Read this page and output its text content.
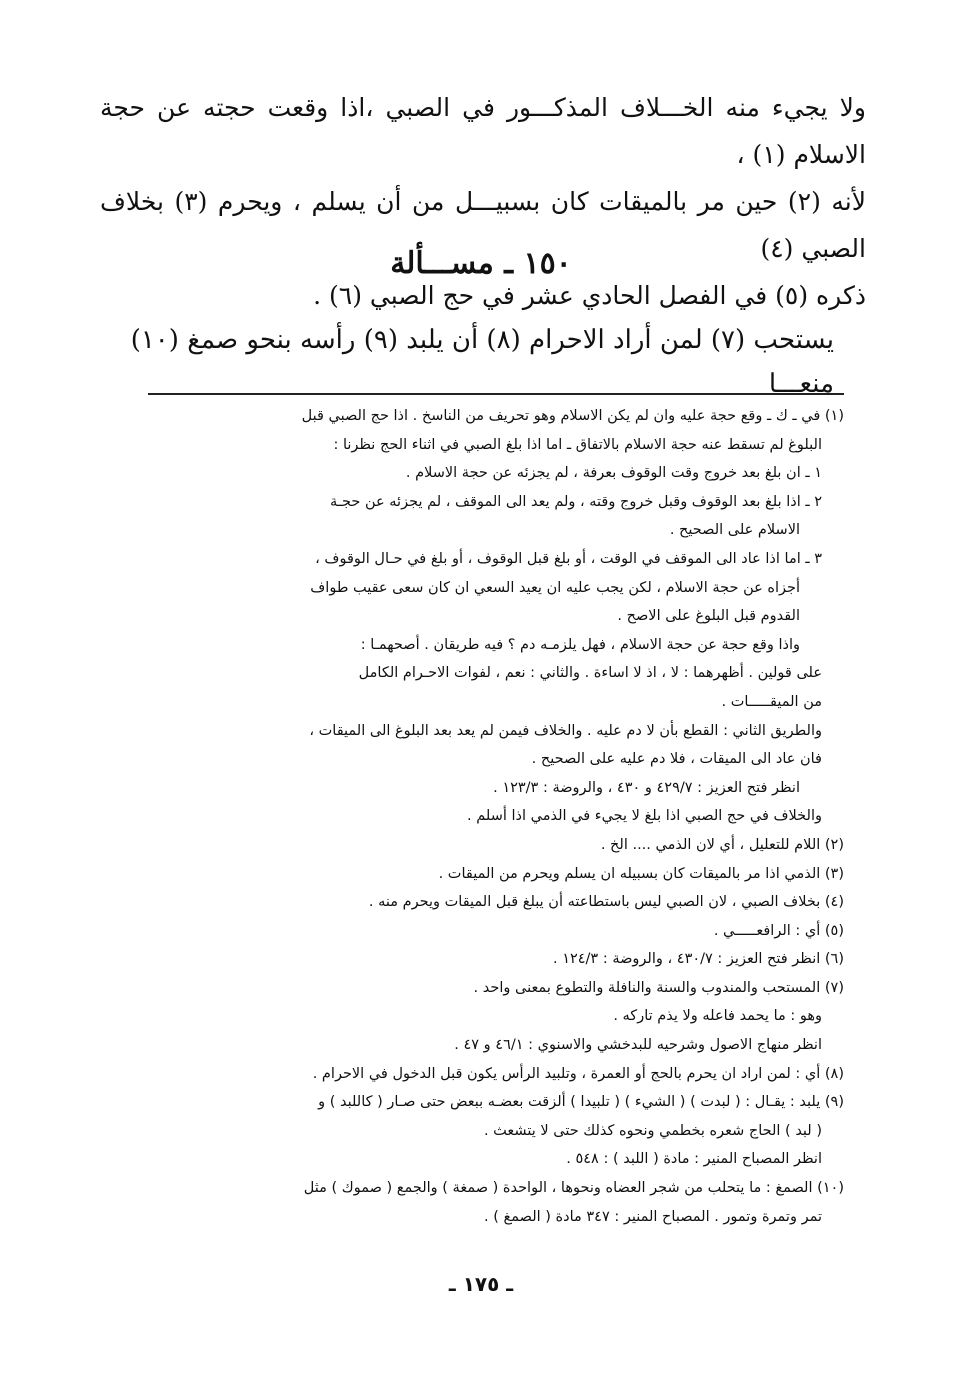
ولا يجيء منه الخـــلاف المذكـــور في الصبي ،اذا وقعت حجته عن حجة الاسلام (١) ،

لأنه (٢) حين مر بالميقات كان بسبيـــل من أن يسلم ، ويحرم (٣) بخلاف الصبي (٤)

ذكره (٥) في الفصل الحادي عشر في حج الصبي (٦) .

١٥٠ ـ مســـألة
يستحب (٧) لمن أراد الاحرام (٨) أن يلبد (٩) رأسه بنحو صمغ (١٠) منعـــا

(١) في ـ ك ـ وقع حجة عليه وان لم يكن الاسلام وهو تحريف من الناسخ . اذا حج الصبي قبل

البلوغ لم تسقط عنه حجة الاسلام بالاتفاق ـ اما اذا بلغ الصبي في اثناء الحج نظرنا :

١ ـ ان بلغ بعد خروج وقت الوقوف بعرفة ، لم يجزئه عن حجة الاسلام .

٢ ـ اذا بلغ بعد الوقوف وقبل خروج وقته ، ولم يعد الى الموقف ، لم يجزئه عن حجـة

الاسلام على الصحيح .

٣ ـ اما اذا عاد الى الموقف في الوقت ، أو بلغ قبل الوقوف ، أو بلغ في حـال الوقوف ،

أجزاه عن حجة الاسلام ، لكن يجب عليه ان يعيد السعي ان كان سعى عقيب طواف

القدوم قبل البلوغ على الاصح .

واذا وقع حجة عن حجة الاسلام ، فهل يلزمـه دم ؟ فيه طريقان . أصحهمـا :

على قولين . أظهرهما : لا ، اذ لا اساءة . والثاني : نعم ، لفوات الاحـرام الكامل

من الميقـــــات .

والطريق الثاني : القطع بأن لا دم عليه . والخلاف فيمن لم يعد بعد البلوغ الى الميقات ،

فان عاد الى الميقات ، فلا دم عليه على الصحيح .

انظر فتح العزيز : ٤٢٩/٧ و ٤٣٠ ، والروضة : ١٢٣/٣ .

والخلاف في حج الصبي اذا بلغ لا يجيء في الذمي اذا أسلم .

(٢) اللام للتعليل ، أي لان الذمي .... الخ .

(٣) الذمي اذا مر بالميقات كان بسبيله ان يسلم ويحرم من الميقات .

(٤) بخلاف الصبي ، لان الصبي ليس باستطاعته أن يبلغ قبل الميقات ويحرم منه .

(٥) أي : الرافعـــــي .

(٦) انظر فتح العزيز : ٤٣٠/٧ ، والروضة : ١٢٤/٣ .

(٧) المستحب والمندوب والسنة والنافلة والتطوع بمعنى واحد .

وهو : ما يحمد فاعله ولا يذم تاركه .

انظر منهاج الاصول وشرحيه للبدخشي والاسنوي : ٤٦/١ و ٤٧ .

(٨) أي : لمن اراد ان يحرم بالحج أو العمرة ، وتلبيد الرأس يكون قبل الدخول في الاحرام .

(٩) يلبد : يقـال : ( لبدت ) ( الشيء ) ( تلبيدا ) ألزقت بعضـه ببعض حتى صـار ( كاللبد ) و

( لبد ) الحاج شعره بخطمي ونحوه كذلك حتى لا يتشعث .

انظر المصباح المنير : مادة ( اللبد ) : ٥٤٨ .

(١٠) الصمغ : ما يتحلب من شجر العضاه ونحوها ، الواحدة ( صمغة ) والجمع ( صموك ) مثل

تمر وتمرة وتمور . المصباح المنير : ٣٤٧ مادة ( الصمغ ) .

ـ ١٧٥ ـ
